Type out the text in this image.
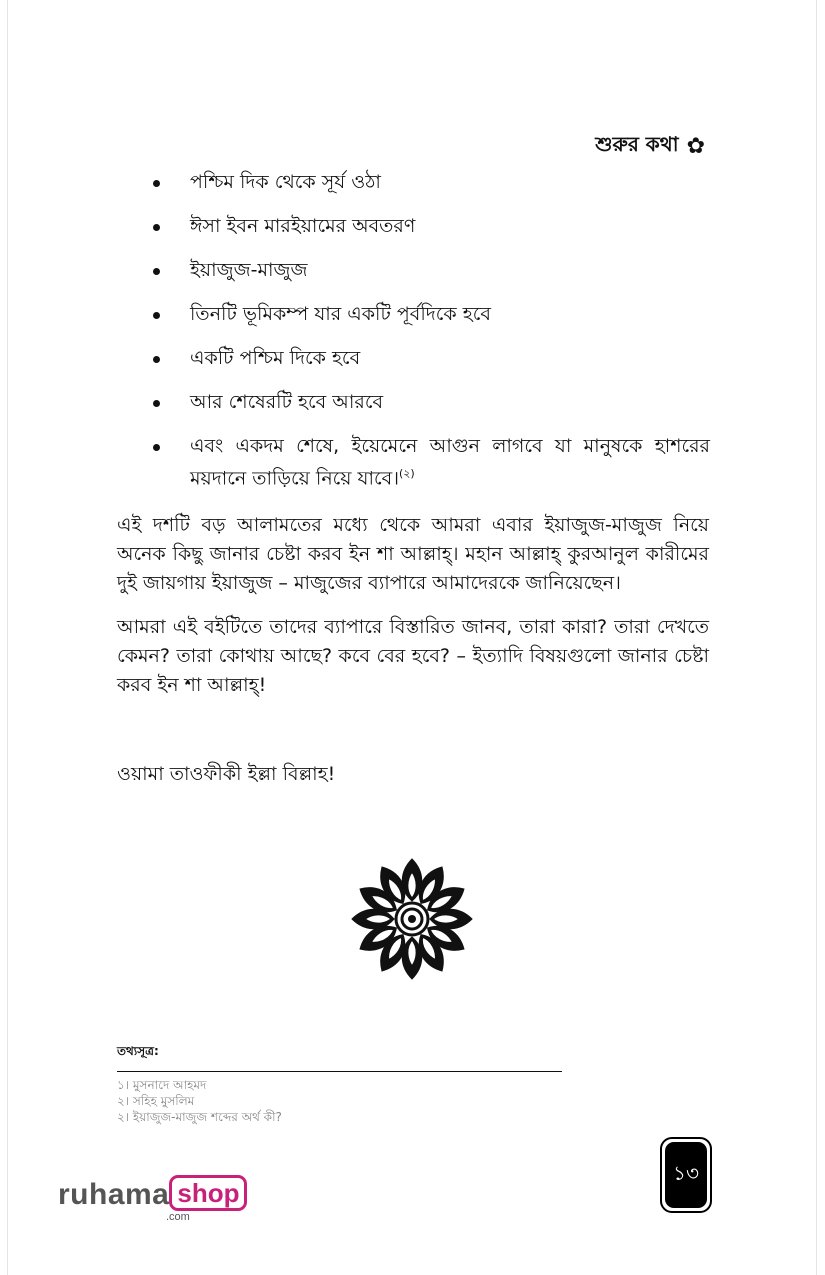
শুরুর কথা ✿
পশ্চিম দিক থেকে সূর্য ওঠা
ঈসা ইবন মারইয়ামের অবতরণ
ইয়াজুজ-মাজুজ
তিনটি ভূমিকম্প যার একটি পূর্বদিকে হবে
একটি পশ্চিম দিকে হবে
আর শেষেরটি হবে আরবে
এবং একদম শেষে, ইয়েমেনে আগুন লাগবে যা মানুষকে হাশরের ময়দানে তাড়িয়ে নিয়ে যাবে।$^{(২)}$

এই দশটি বড় আলামতের মধ্যে থেকে আমরা এবার ইয়াজুজ-মাজুজ নিয়ে অনেক কিছু জানার চেষ্টা করব ইন শা আল্লাহ্। মহান আল্লাহ্ কুরআনুল কারীমের দুই জায়গায় ইয়াজুজ – মাজুজের ব্যাপারে আমাদেরকে জানিয়েছেন।

আমরা এই বইটিতে তাদের ব্যাপারে বিস্তারিত জানব, তারা কারা? তারা দেখতে কেমন? তারা কোথায় আছে? কবে বের হবে? – ইত্যাদি বিষয়গুলো জানার চেষ্টা করব ইন শা আল্লাহ্!

ওয়ামা তাওফীকী ইল্লা বিল্লাহ!

তথ্যসূত্র:
১। মুসনাদে আহমদ
২। সহিহ মুসলিম
২। ইয়াজুজ-মাজুজ শব্দের অর্থ কী?
১৩
ruhama shop
.com
